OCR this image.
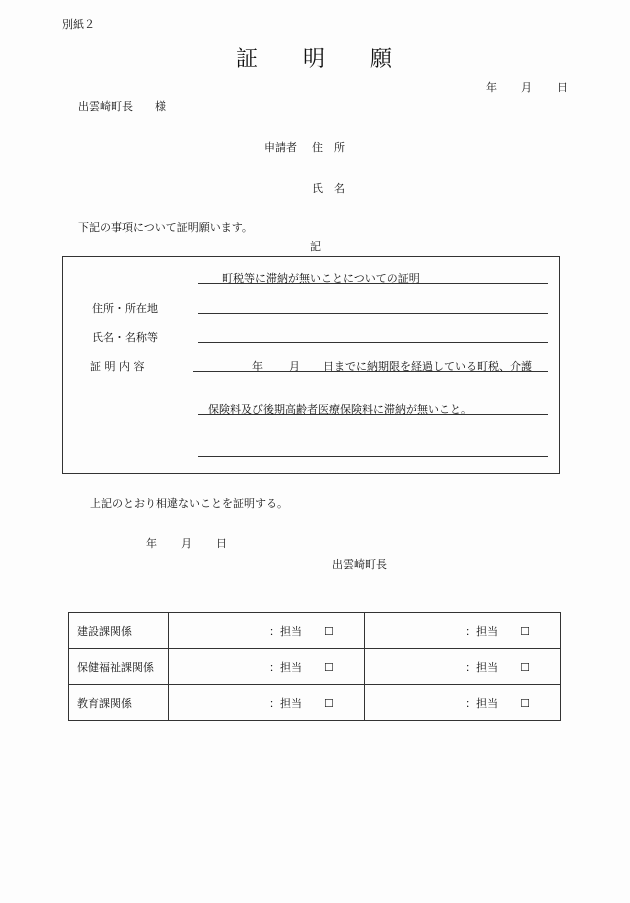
別紙２
証 明 願
年 月 日
出雲崎町長　　様
申請者 住　所
氏　名
下記の事項について証明願います。
記
町税等に滞納が無いことについての証明
住所・所在地
氏名・名称等
証 明 内 容	年 月 日までに納期限を経過している町税、介護
保険料及び後期高齢者医療保険料に滞納が無いこと。
上記のとおり相違ないことを証明する。
年 月 日
出雲崎町長
建設課関係	：担当 ☐	：担当 ☐
保健福祉課関係	：担当 ☐	：担当 ☐
教育課関係	：担当 ☐	：担当 ☐
